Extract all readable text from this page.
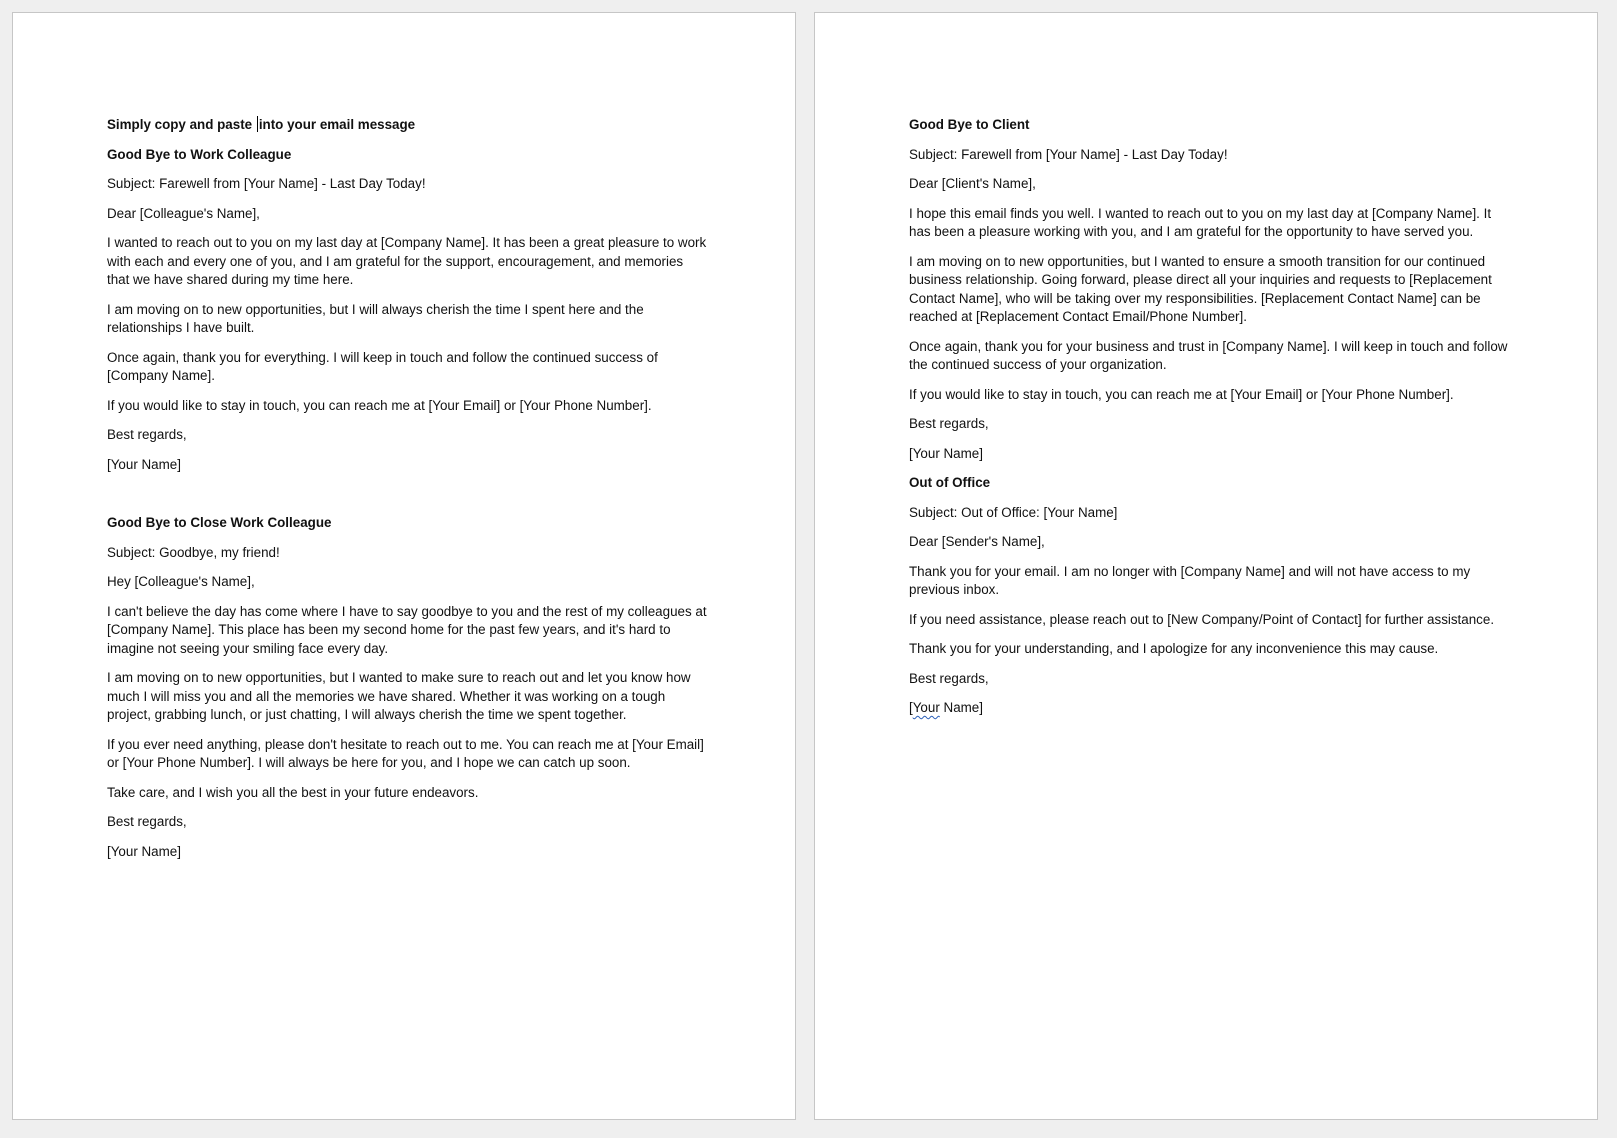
Simply copy and paste into your email message

Good Bye to Work Colleague

Subject: Farewell from [Your Name] - Last Day Today!

Dear [Colleague's Name],

I wanted to reach out to you on my last day at [Company Name]. It has been a great pleasure to work with each and every one of you, and I am grateful for the support, encouragement, and memories that we have shared during my time here.

I am moving on to new opportunities, but I will always cherish the time I spent here and the relationships I have built.

Once again, thank you for everything. I will keep in touch and follow the continued success of [Company Name].

If you would like to stay in touch, you can reach me at [Your Email] or [Your Phone Number].

Best regards,

[Your Name]

Good Bye to Close Work Colleague

Subject: Goodbye, my friend!

Hey [Colleague's Name],

I can't believe the day has come where I have to say goodbye to you and the rest of my colleagues at [Company Name]. This place has been my second home for the past few years, and it's hard to imagine not seeing your smiling face every day.

I am moving on to new opportunities, but I wanted to make sure to reach out and let you know how much I will miss you and all the memories we have shared. Whether it was working on a tough project, grabbing lunch, or just chatting, I will always cherish the time we spent together.

If you ever need anything, please don't hesitate to reach out to me. You can reach me at [Your Email] or [Your Phone Number]. I will always be here for you, and I hope we can catch up soon.

Take care, and I wish you all the best in your future endeavors.

Best regards,

[Your Name]

Good Bye to Client

Subject: Farewell from [Your Name] - Last Day Today!

Dear [Client's Name],

I hope this email finds you well. I wanted to reach out to you on my last day at [Company Name]. It has been a pleasure working with you, and I am grateful for the opportunity to have served you.

I am moving on to new opportunities, but I wanted to ensure a smooth transition for our continued business relationship. Going forward, please direct all your inquiries and requests to [Replacement Contact Name], who will be taking over my responsibilities. [Replacement Contact Name] can be reached at [Replacement Contact Email/Phone Number].

Once again, thank you for your business and trust in [Company Name]. I will keep in touch and follow the continued success of your organization.

If you would like to stay in touch, you can reach me at [Your Email] or [Your Phone Number].

Best regards,

[Your Name]

Out of Office

Subject: Out of Office: [Your Name]

Dear [Sender's Name],

Thank you for your email. I am no longer with [Company Name] and will not have access to my previous inbox.

If you need assistance, please reach out to [New Company/Point of Contact] for further assistance.

Thank you for your understanding, and I apologize for any inconvenience this may cause.

Best regards,

[Your Name]
